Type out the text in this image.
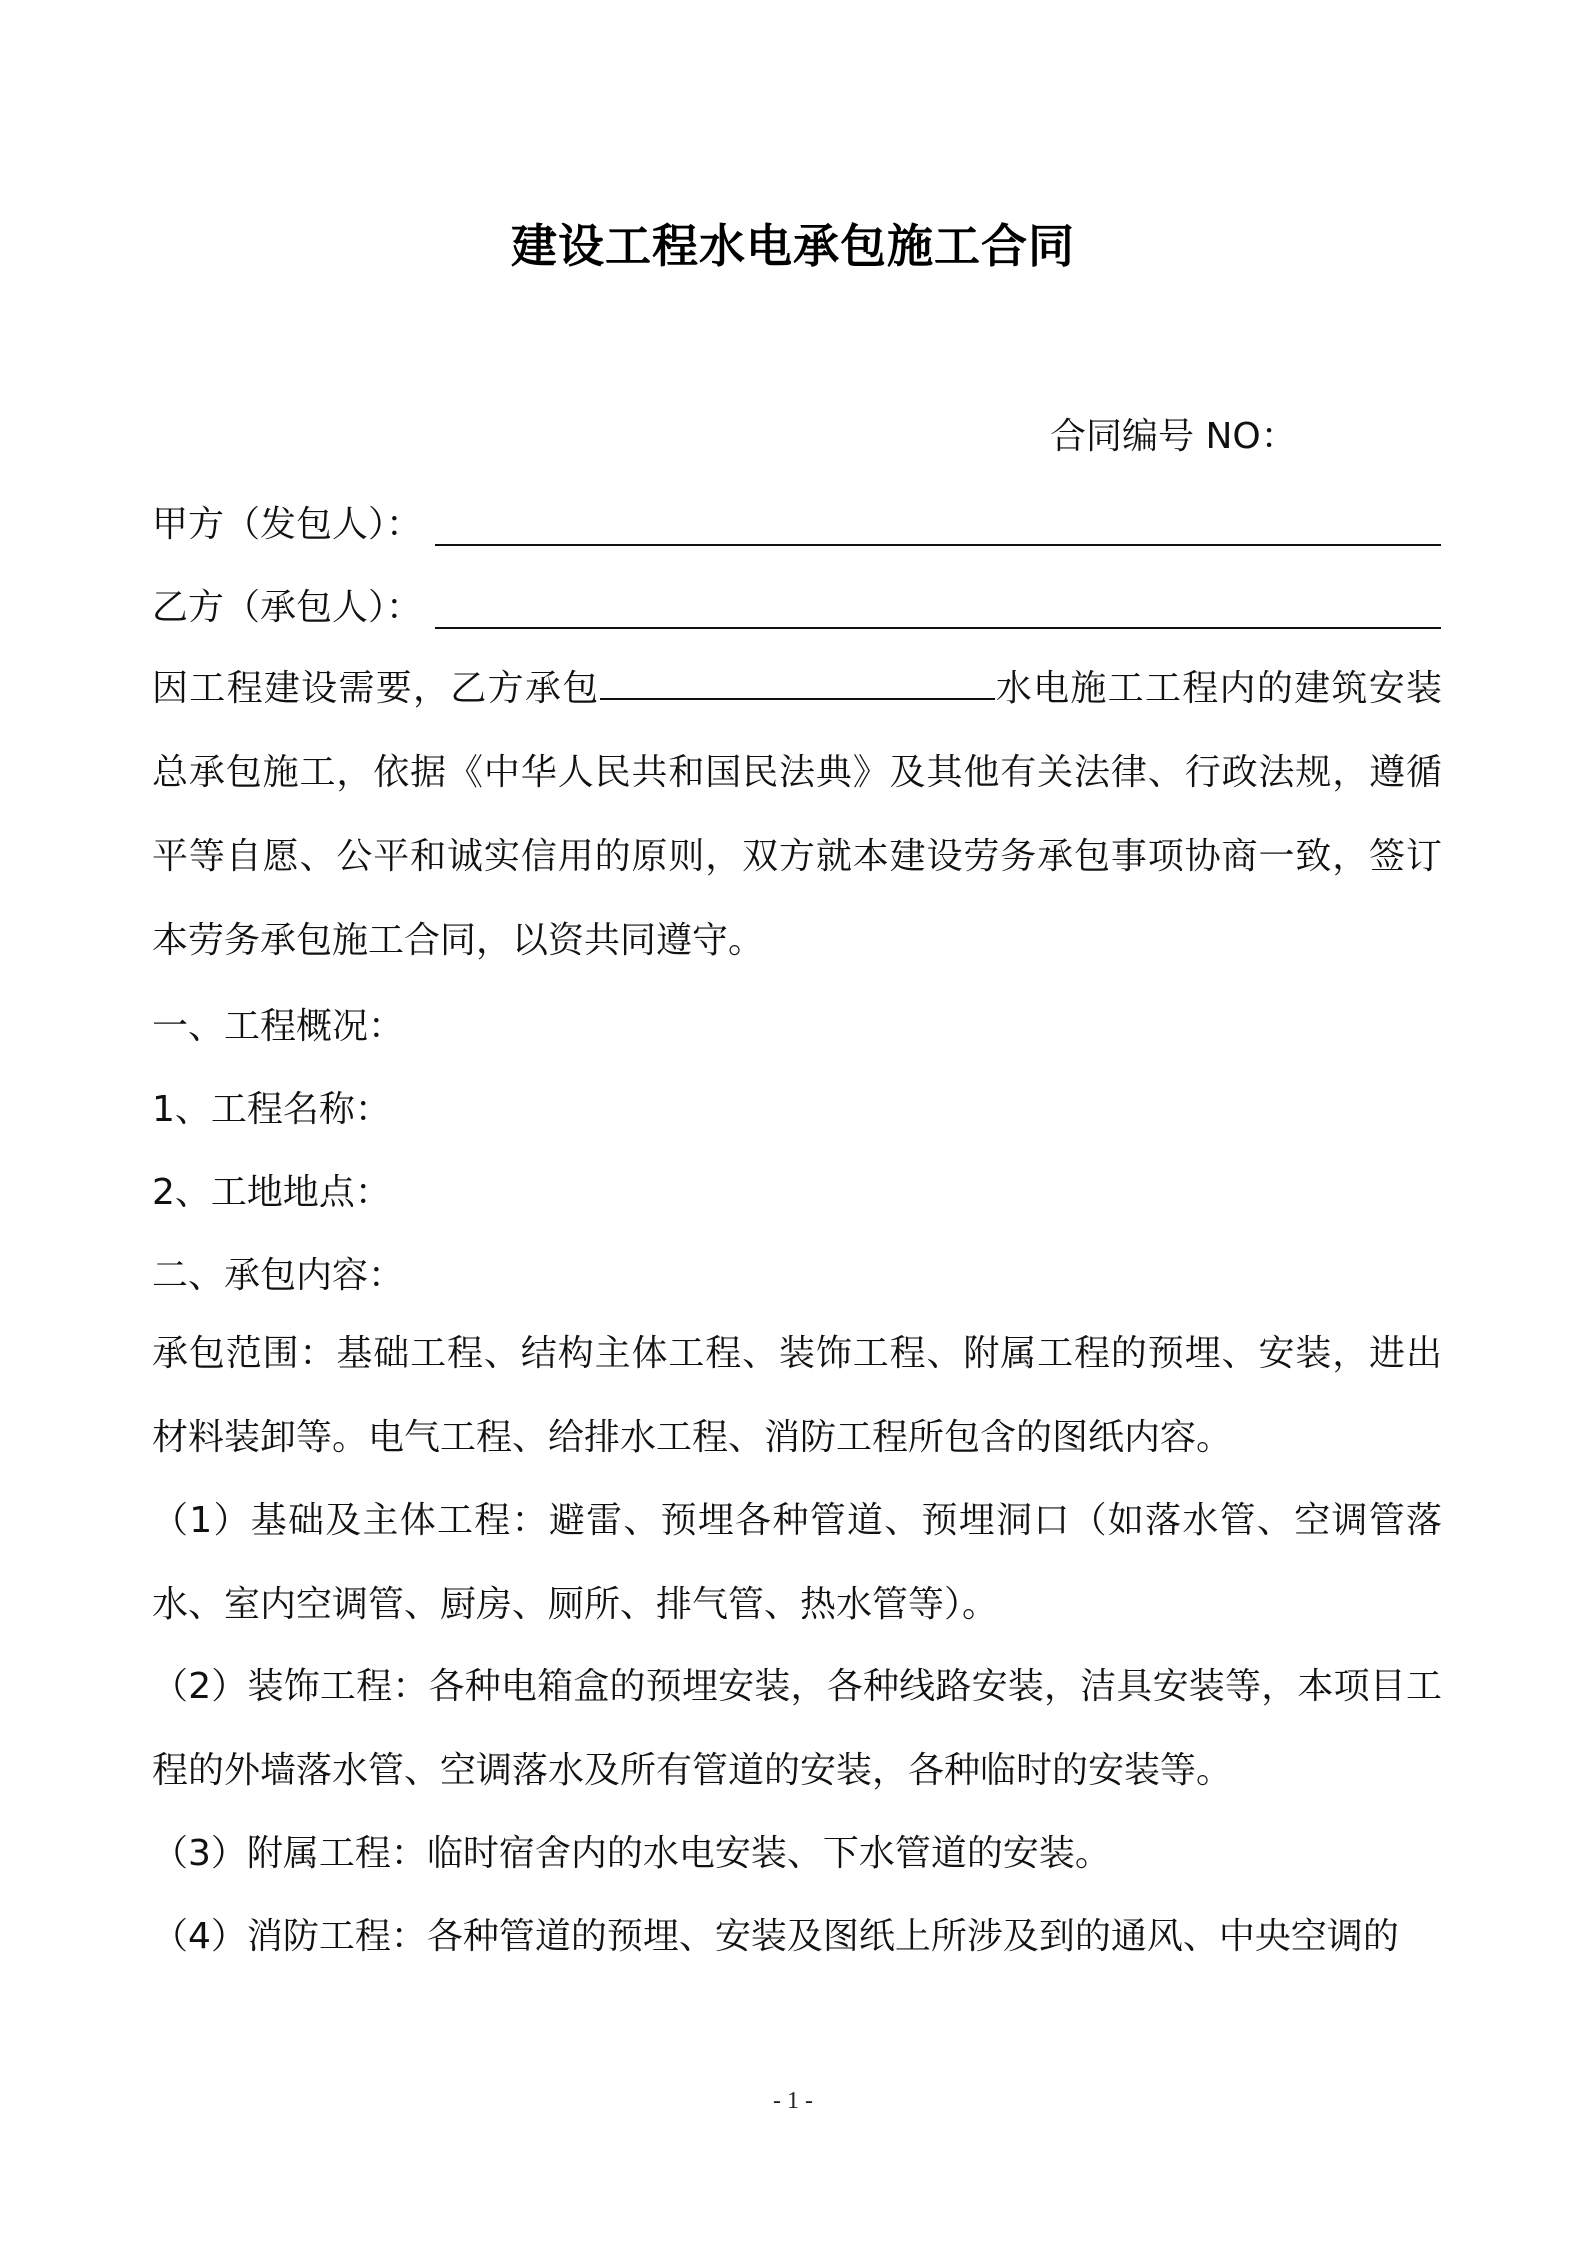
建设工程水电承包施工合同
合同编号 NO：
甲方（发包人）：
乙方（承包人）：
因工程建设需要，乙方承包	水电施工工程内的建筑安装总承包施工，依据《中华人民共和国民法典》及其他有关法律、行政法规，遵循平等自愿、公平和诚实信用的原则，双方就本建设劳务承包事项协商一致，签订本劳务承包施工合同，以资共同遵守。
一、工程概况：
1、工程名称：
2、工地地点：
二、承包内容：
承包范围：基础工程、结构主体工程、装饰工程、附属工程的预埋、安装，进出材料装卸等。电气工程、给排水工程、消防工程所包含的图纸内容。
（1）基础及主体工程：避雷、预埋各种管道、预埋洞口（如落水管、空调管落水、室内空调管、厨房、厕所、排气管、热水管等）。
（2）装饰工程：各种电箱盒的预埋安装，各种线路安装，洁具安装等，本项目工程的外墙落水管、空调落水及所有管道的安装，各种临时的安装等。
（3）附属工程：临时宿舍内的水电安装、下水管道的安装。
（4）消防工程：各种管道的预埋、安装及图纸上所涉及到的通风、中央空调的
- 1 -
